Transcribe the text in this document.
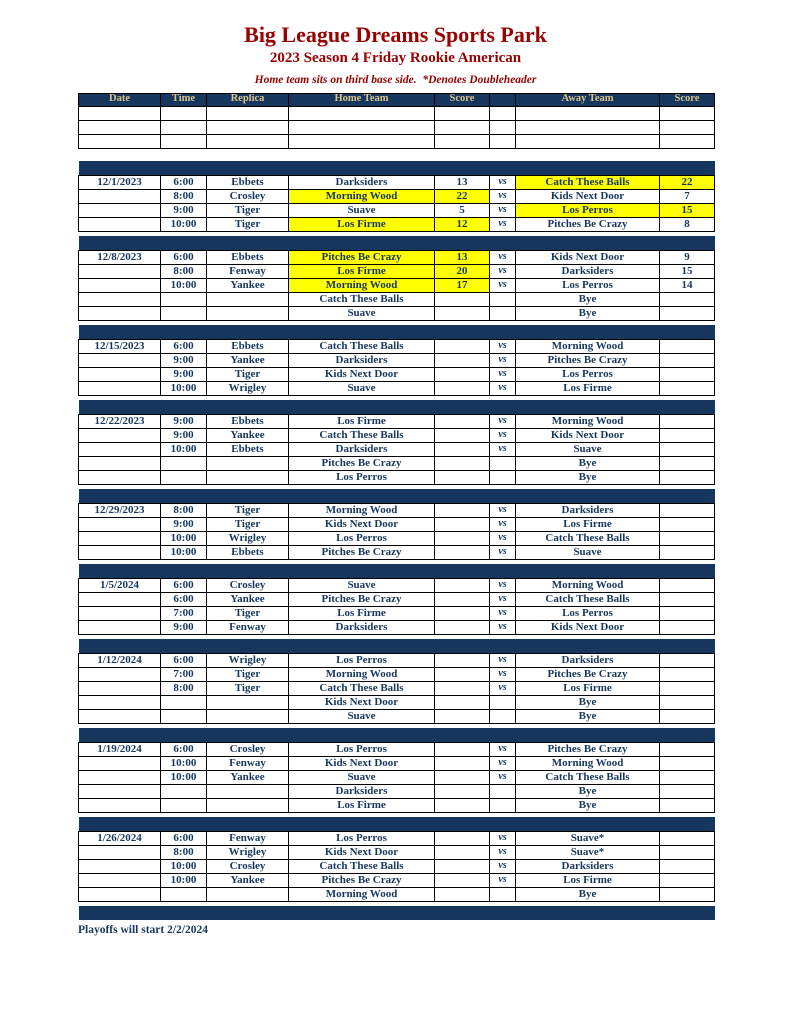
Big League Dreams Sports Park
2023 Season 4 Friday Rookie American
Home team sits on third base side.  *Denotes Doubleheader
Date	Time	Replica	Home Team	Score		Away Team	Score

12/1/2023	6:00	Ebbets	Darksiders	13	vs	Catch These Balls	22
	8:00	Crosley	Morning Wood	22	vs	Kids Next Door	7
	9:00	Tiger	Suave	5	vs	Los Perros	15
	10:00	Tiger	Los Firme	12	vs	Pitches Be Crazy	8

12/8/2023	6:00	Ebbets	Pitches Be Crazy	13	vs	Kids Next Door	9
	8:00	Fenway	Los Firme	20	vs	Darksiders	15
	10:00	Yankee	Morning Wood	17	vs	Los Perros	14
			Catch These Balls			Bye	
			Suave			Bye	

12/15/2023	6:00	Ebbets	Catch These Balls		vs	Morning Wood	
	9:00	Yankee	Darksiders		vs	Pitches Be Crazy	
	9:00	Tiger	Kids Next Door		vs	Los Perros	
	10:00	Wrigley	Suave		vs	Los Firme	

12/22/2023	9:00	Ebbets	Los Firme		vs	Morning Wood	
	9:00	Yankee	Catch These Balls		vs	Kids Next Door	
	10:00	Ebbets	Darksiders		vs	Suave	
			Pitches Be Crazy			Bye	
			Los Perros			Bye	

12/29/2023	8:00	Tiger	Morning Wood		vs	Darksiders	
	9:00	Tiger	Kids Next Door		vs	Los Firme	
	10:00	Wrigley	Los Perros		vs	Catch These Balls	
	10:00	Ebbets	Pitches Be Crazy		vs	Suave	

1/5/2024	6:00	Crosley	Suave		vs	Morning Wood	
	6:00	Yankee	Pitches Be Crazy		vs	Catch These Balls	
	7:00	Tiger	Los Firme		vs	Los Perros	
	9:00	Fenway	Darksiders		vs	Kids Next Door	

1/12/2024	6:00	Wrigley	Los Perros		vs	Darksiders	
	7:00	Tiger	Morning Wood		vs	Pitches Be Crazy	
	8:00	Tiger	Catch These Balls		vs	Los Firme	
			Kids Next Door			Bye	
			Suave			Bye	

1/19/2024	6:00	Crosley	Los Perros		vs	Pitches Be Crazy	
	10:00	Fenway	Kids Next Door		vs	Morning Wood	
	10:00	Yankee	Suave		vs	Catch These Balls	
			Darksiders			Bye	
			Los Firme			Bye	

1/26/2024	6:00	Fenway	Los Perros		vs	Suave*	
	8:00	Wrigley	Kids Next Door		vs	Suave*	
	10:00	Crosley	Catch These Balls		vs	Darksiders	
	10:00	Yankee	Pitches Be Crazy		vs	Los Firme	
			Morning Wood			Bye	

Playoffs will start 2/2/2024
